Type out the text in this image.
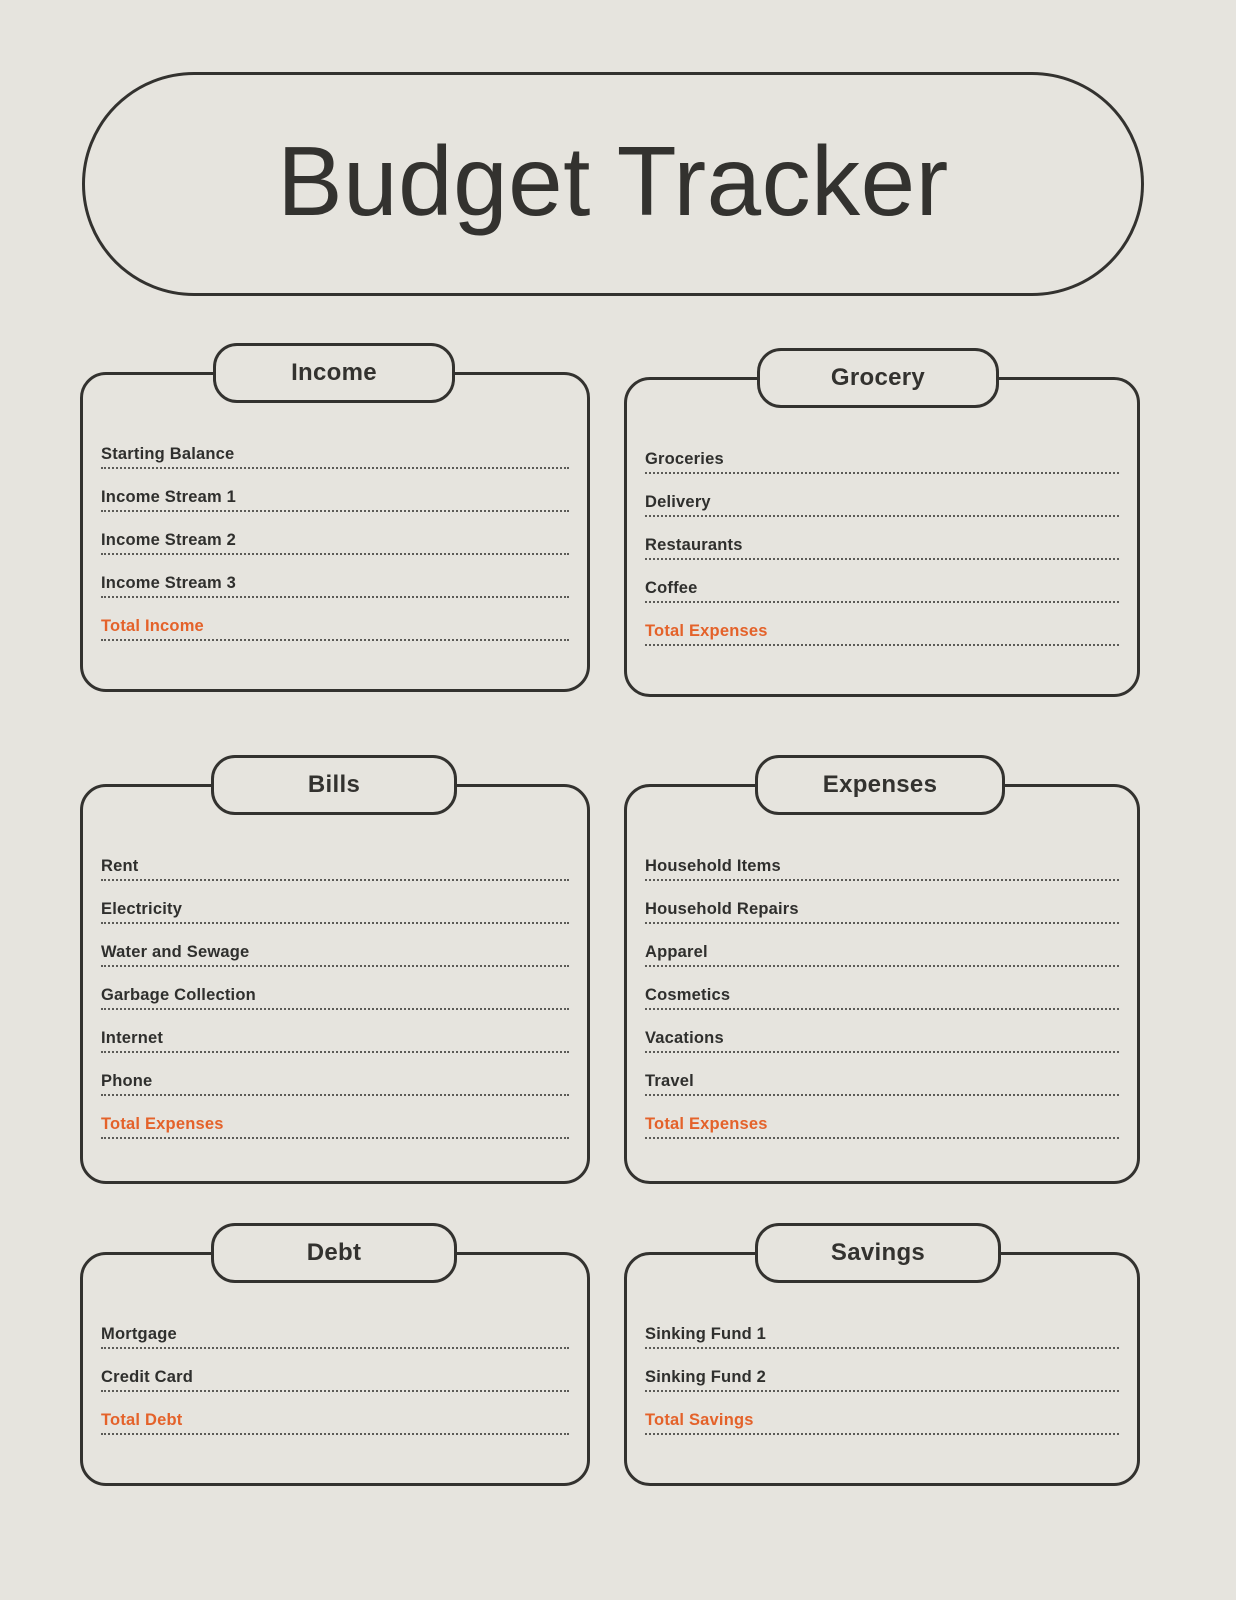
Budget Tracker
Income
Starting Balance
Income Stream 1
Income Stream 2
Income Stream 3
Total Income
Grocery
Groceries
Delivery
Restaurants
Coffee
Total Expenses
Bills
Rent
Electricity
Water and Sewage
Garbage Collection
Internet
Phone
Total Expenses
Expenses
Household Items
Household Repairs
Apparel
Cosmetics
Vacations
Travel
Total Expenses
Debt
Mortgage
Credit Card
Total Debt
Savings
Sinking Fund 1
Sinking Fund 2
Total Savings
